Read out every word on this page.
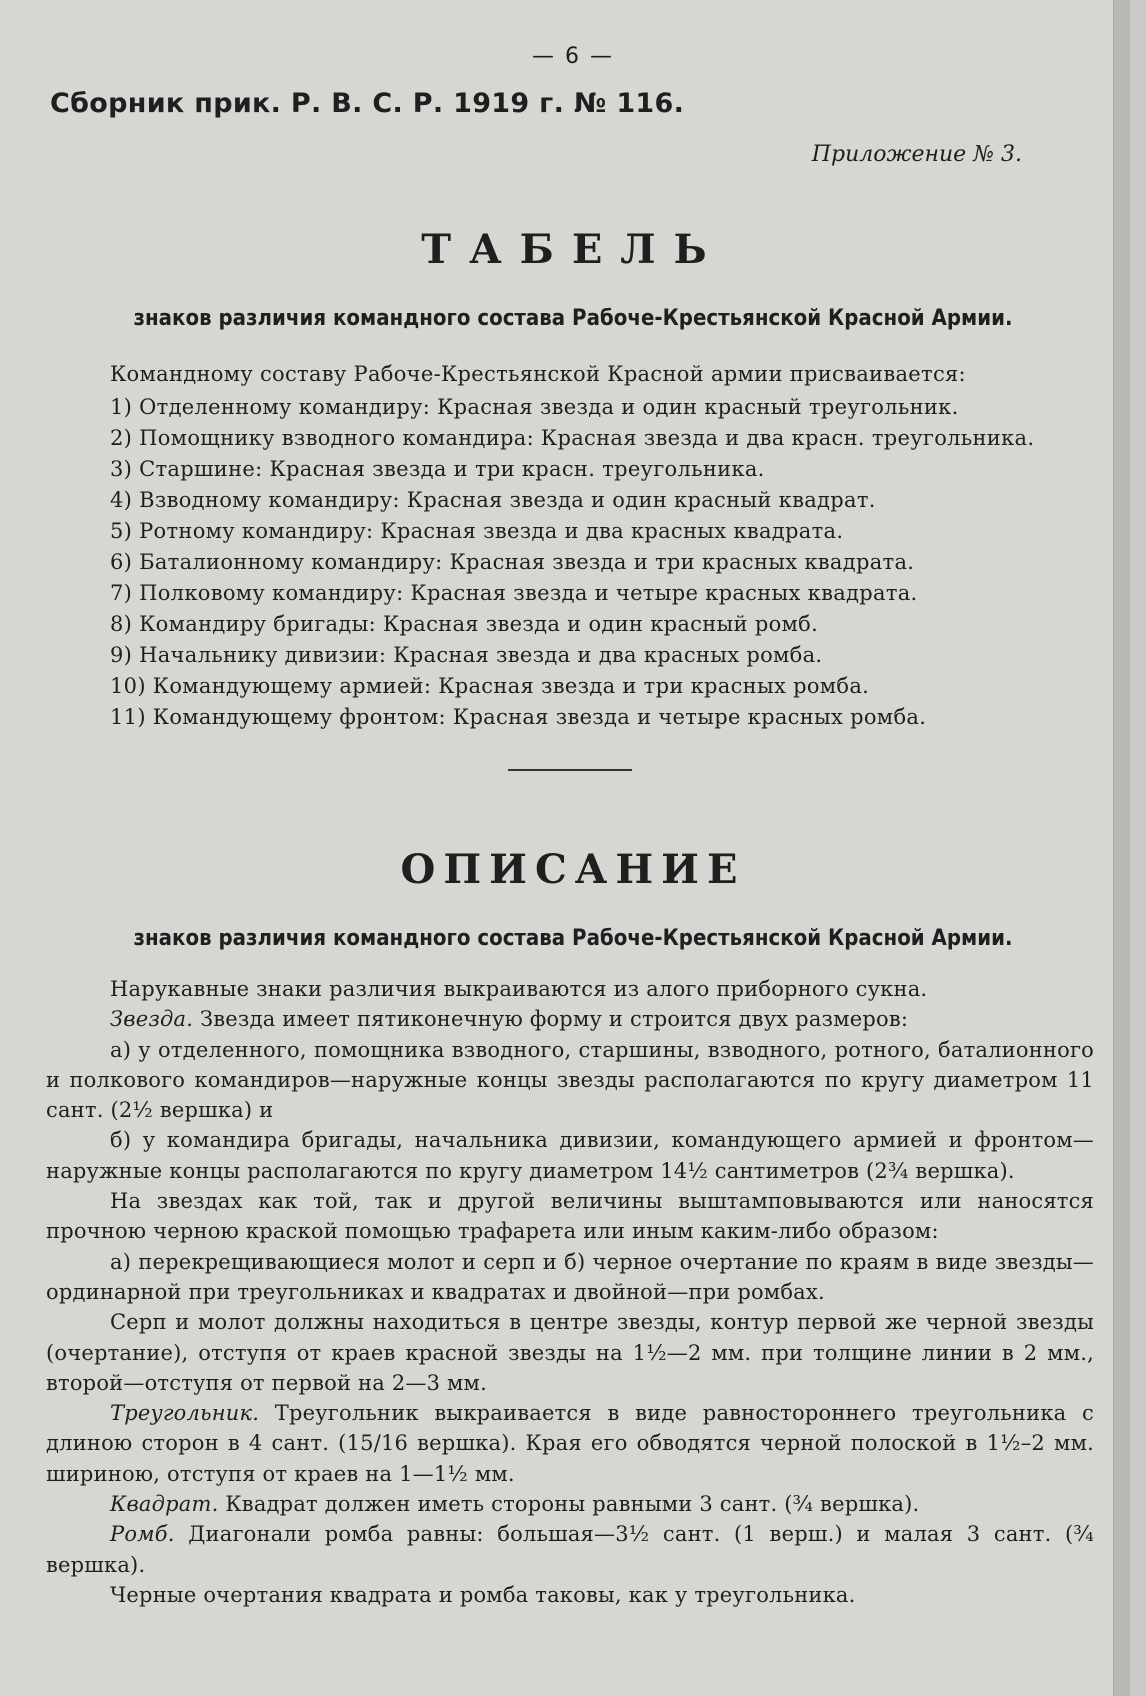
— 6 —
Сборник прик. Р. В. С. Р. 1919 г. № 116.
Приложение № 3.
ТАБЕЛЬ
знаков различия командного состава Рабоче-Крестьянской Красной Армии.
Командному составу Рабоче-Крестьянской Красной армии присваивается:
1) Отделенному командиру: Красная звезда и один красный треугольник.
2) Помощнику взводного командира: Красная звезда и два красн. треугольника.
3) Старшине: Красная звезда и три красн. треугольника.
4) Взводному командиру: Красная звезда и один красный квадрат.
5) Ротному командиру: Красная звезда и два красных квадрата.
6) Баталионному командиру: Красная звезда и три красных квадрата.
7) Полковому командиру: Красная звезда и четыре красных квадрата.
8) Командиру бригады: Красная звезда и один красный ромб.
9) Начальнику дивизии: Красная звезда и два красных ромба.
10) Командующему армией: Красная звезда и три красных ромба.
11) Командующему фронтом: Красная звезда и четыре красных ромба.
ОПИСАНИЕ
знаков различия командного состава Рабоче-Крестьянской Красной Армии.

Нарукавные знаки различия выкраиваются из алого приборного сукна.

Звезда. Звезда имеет пятиконечную форму и строится двух размеров:

а) у отделенного, помощника взводного, старшины, взводного, ротного, баталионного и полкового командиров—наружные концы звезды располагаются по кругу диаметром 11 сант. (2½ вершка) и

б) у командира бригады, начальника дивизии, командующего армией и фронтом—наружные концы располагаются по кругу диаметром 14½ сантиметров (2¾ вершка).

На звездах как той, так и другой величины выштамповываются или наносятся прочною черною краской помощью трафарета или иным каким-либо образом:

а) перекрещивающиеся молот и серп и б) черное очертание по краям в виде звезды—ординарной при треугольниках и квадратах и двойной—при ромбах.

Серп и молот должны находиться в центре звезды, контур первой же черной звезды (очертание), отступя от краев красной звезды на 1½—2 мм. при толщине линии в 2 мм., второй—отступя от первой на 2—3 мм.

Треугольник. Треугольник выкраивается в виде равностороннего треугольника с длиною сторон в 4 сант. (15/16 вершка). Края его обводятся черной полоской в 1½–2 мм. шириною, отступя от краев на 1—1½ мм.

Квадрат. Квадрат должен иметь стороны равными 3 сант. (¾ вершка).

Ромб. Диагонали ромба равны: большая—3½ сант. (1 верш.) и малая 3 сант. (¾ вершка).

Черные очертания квадрата и ромба таковы, как у треугольника.
